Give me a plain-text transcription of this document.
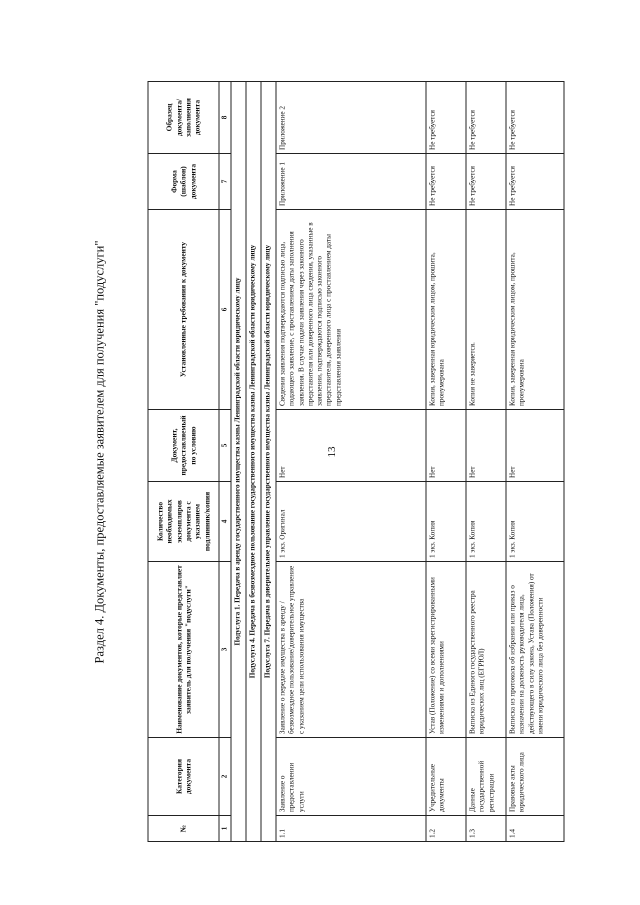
13
Раздел 4. Документы, предоставляемые заявителем для получения "подуслуги"
№	Категория документа	Наименование документов, которые представляет заявитель для получения "подуслуги"	Количество необходимых экземпляров документа с указанием подлинник/копия	Документ, предоставляемый по условию	Установленные требования к документу	Форма (шаблон) документа	Образец документа/ заполнения документа
1	2	3	4	5	6	7	8
Подуслуга 1. Передача в аренду государственного имущества казны Ленинградской области юридическому лицу							
Подуслуга 4. Передача в безвозмездное пользование государственного имущества казны Ленинградской области юридическому лицу							
Подуслуга 7. Передача в доверительное управление государственного имущества казны Ленинградской области юридическому лицу							
1.1	Заявление о предоставлении услуги	Заявление о передаче имущества в аренду /безвозмездное пользование/доверительное управление с указанием цели использования имущества	1 экз. Оригинал	Нет	Сведения заявления подтверждаются подписью лица, подающего заявление, с проставлением даты заполнения заявления. В случае подачи заявления через законного представителя или доверенного лица сведения, указанные в заявлении, подтверждаются подписью законного представителя, доверенного лица с проставлением даты представления заявления	Приложение 1	Приложение 2
1.2	Учредительные документы	Устав (Положение) со всеми зарегистрированными изменениями и дополнениями	1 экз. Копия	Нет	Копия, заверенная юридическим лицом, прошита, пронумерована	Не требуется	Не требуется
1.3	Данные государственной регистрации	Выписка из Единого государственного реестра юридических лиц (ЕГРЮЛ)	1 экз. Копия	Нет	Копия не заверяется.	Не требуется	Не требуется
1.4	Правовые акты юридического лица	Выписка из протокола об избрании или приказ о назначении на должность руководителя лица, действующего в силу закона, Устава (Положения) от имени юридического лица без доверенности	1 экз. Копия	Нет	Копия, заверенная юридическим лицом, прошита, пронумерована	Не требуется	Не требуется
